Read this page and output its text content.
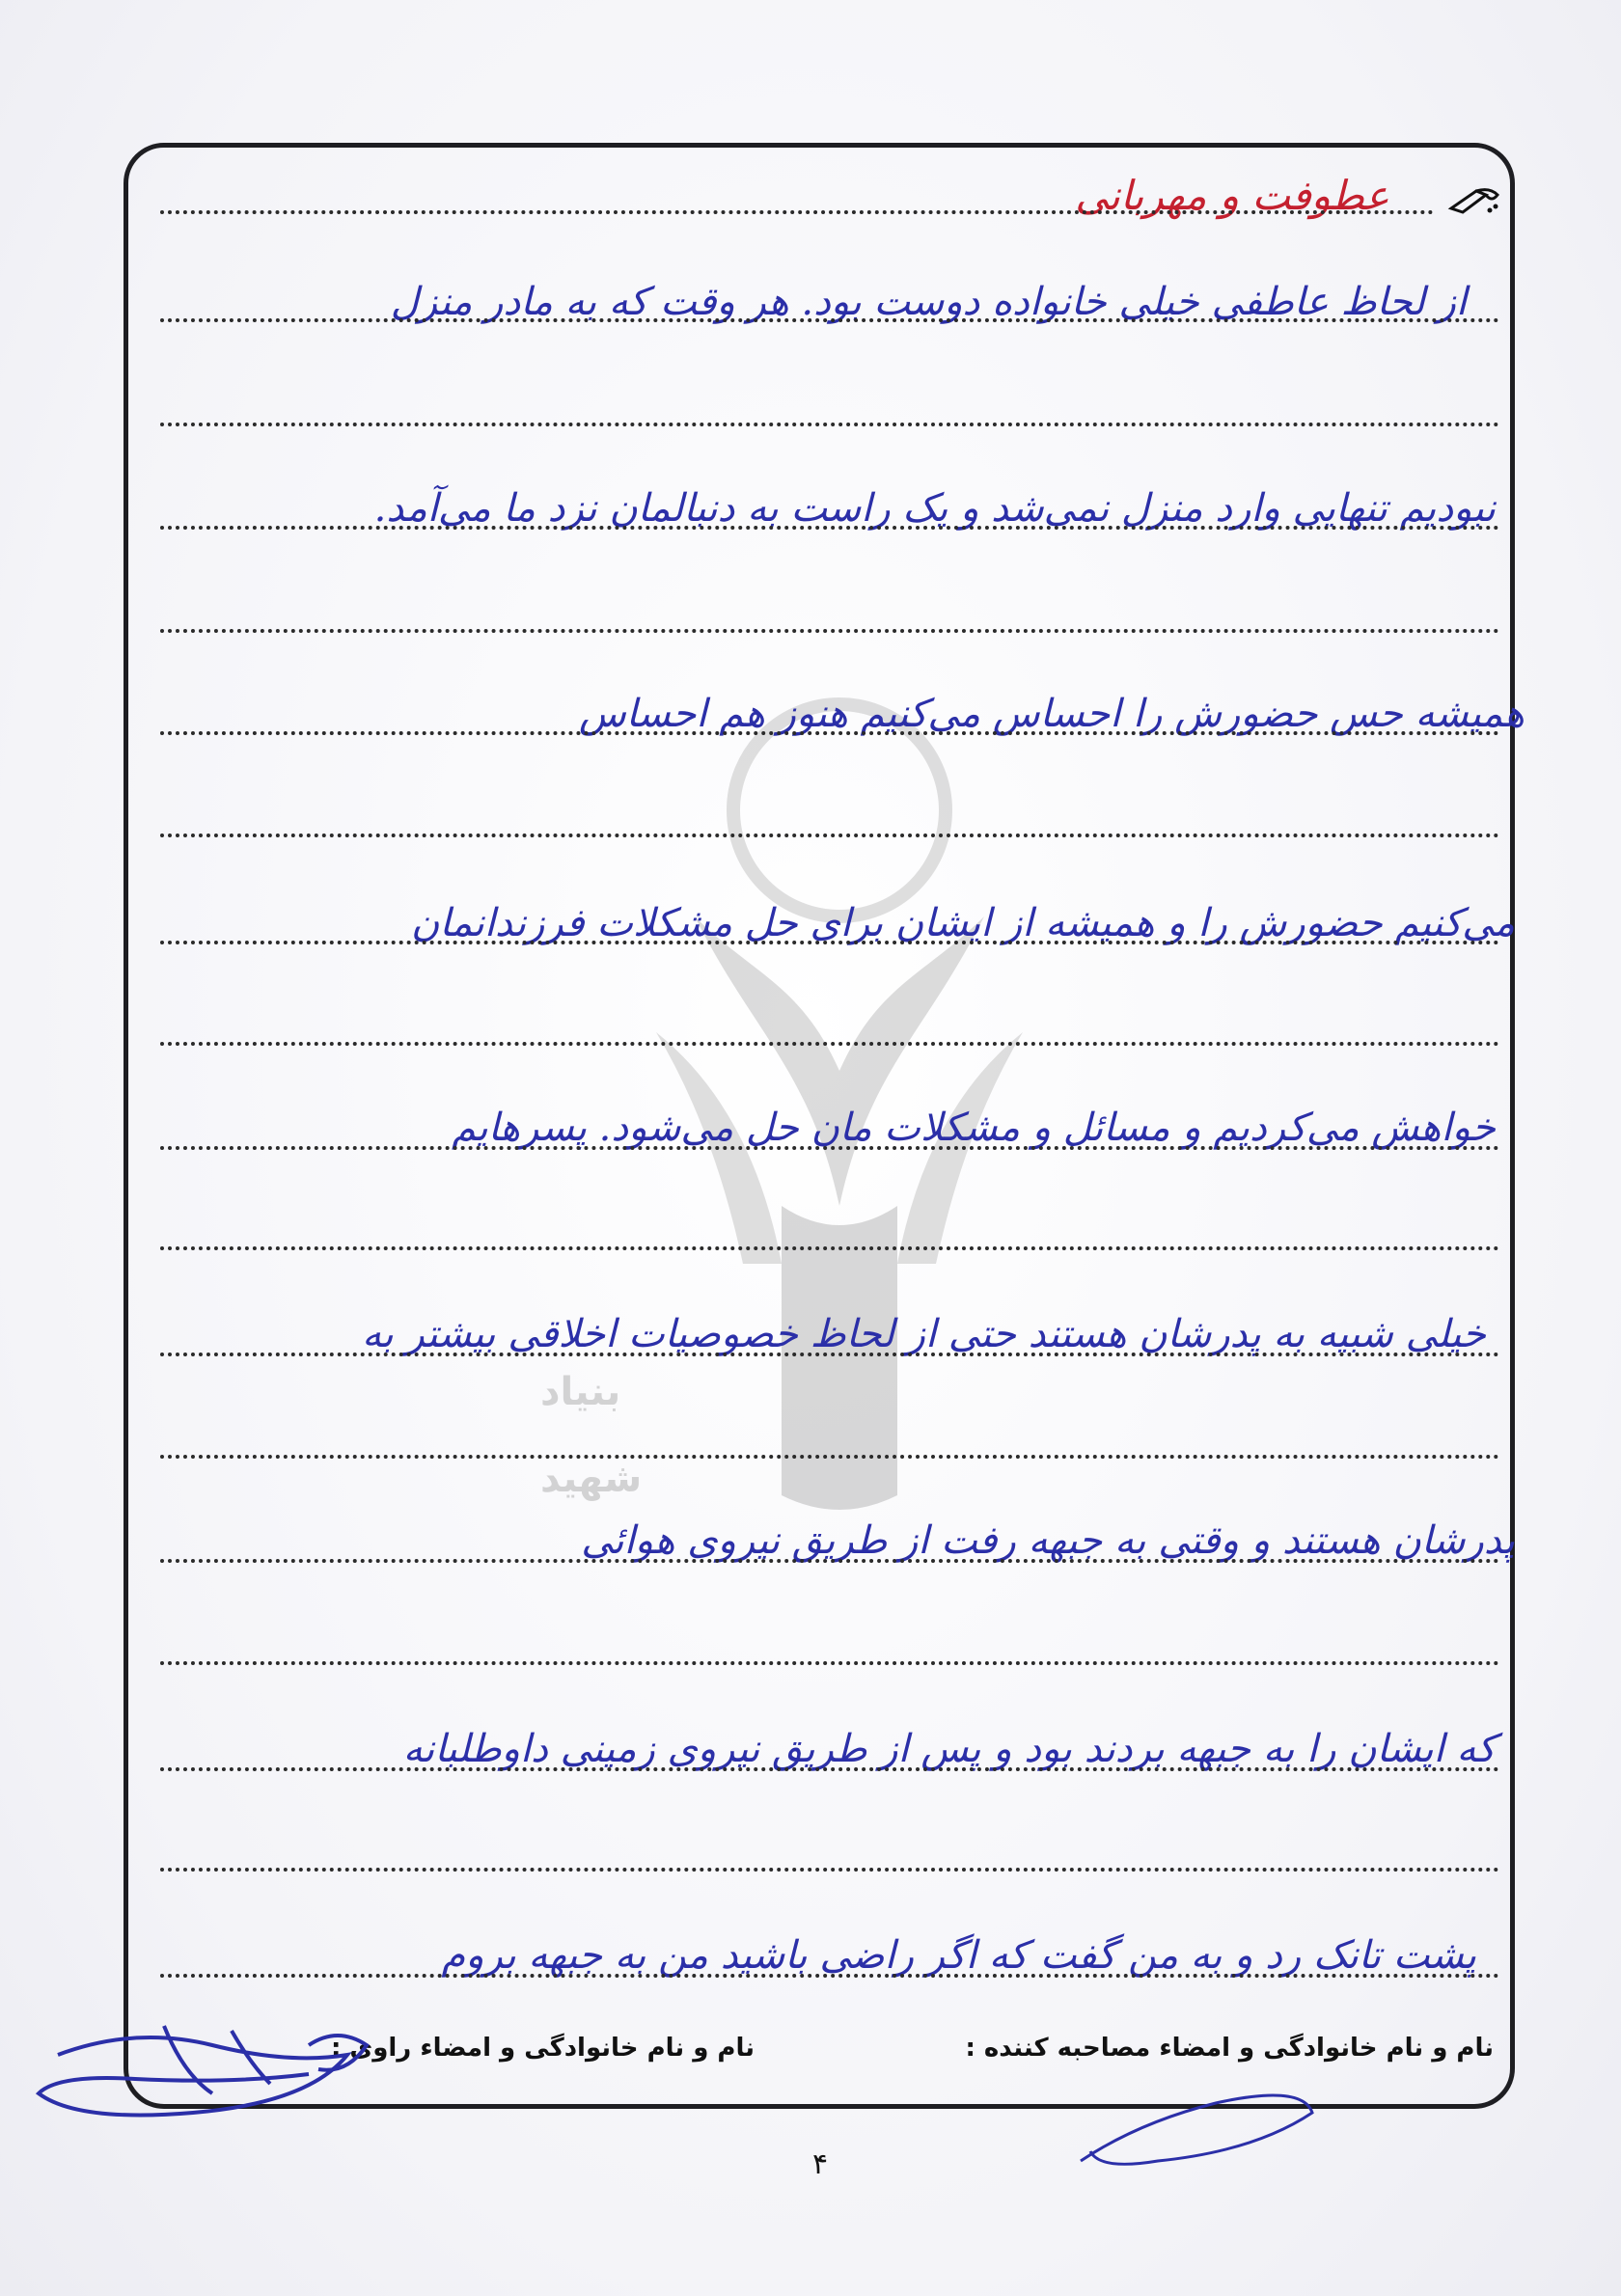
بنیاد
شهید
عطوفت و مهربانی
از لحاظ عاطفی خیلی خانواده دوست بود. هر وقت که به مادر منزل
نبودیم تنهایی وارد منزل نمی‌شد و یک راست به دنبالمان نزد ما می‌آمد.
همیشه حس حضورش را احساس می‌کنیم هنوز هم احساس
می‌کنیم حضورش را و همیشه از ایشان برای حل مشکلات فرزندانمان
خواهش می‌کردیم و مسائل و مشکلات مان حل می‌شود. پسرهایم
خیلی شبیه به پدرشان هستند حتی از لحاظ خصوصیات اخلاقی بیشتر به
پدرشان هستند و وقتی به جبهه رفت از طریق نیروی هوائی
که ایشان را به جبهه بردند بود و پس از طریق نیروی زمینی داوطلبانه
پشت تانک رد و به من گفت که اگر راضی باشید من به جبهه بروم
نام و نام خانوادگی و امضاء مصاحبه کننده :
نام و نام خانوادگی و امضاء راوی :
۴
